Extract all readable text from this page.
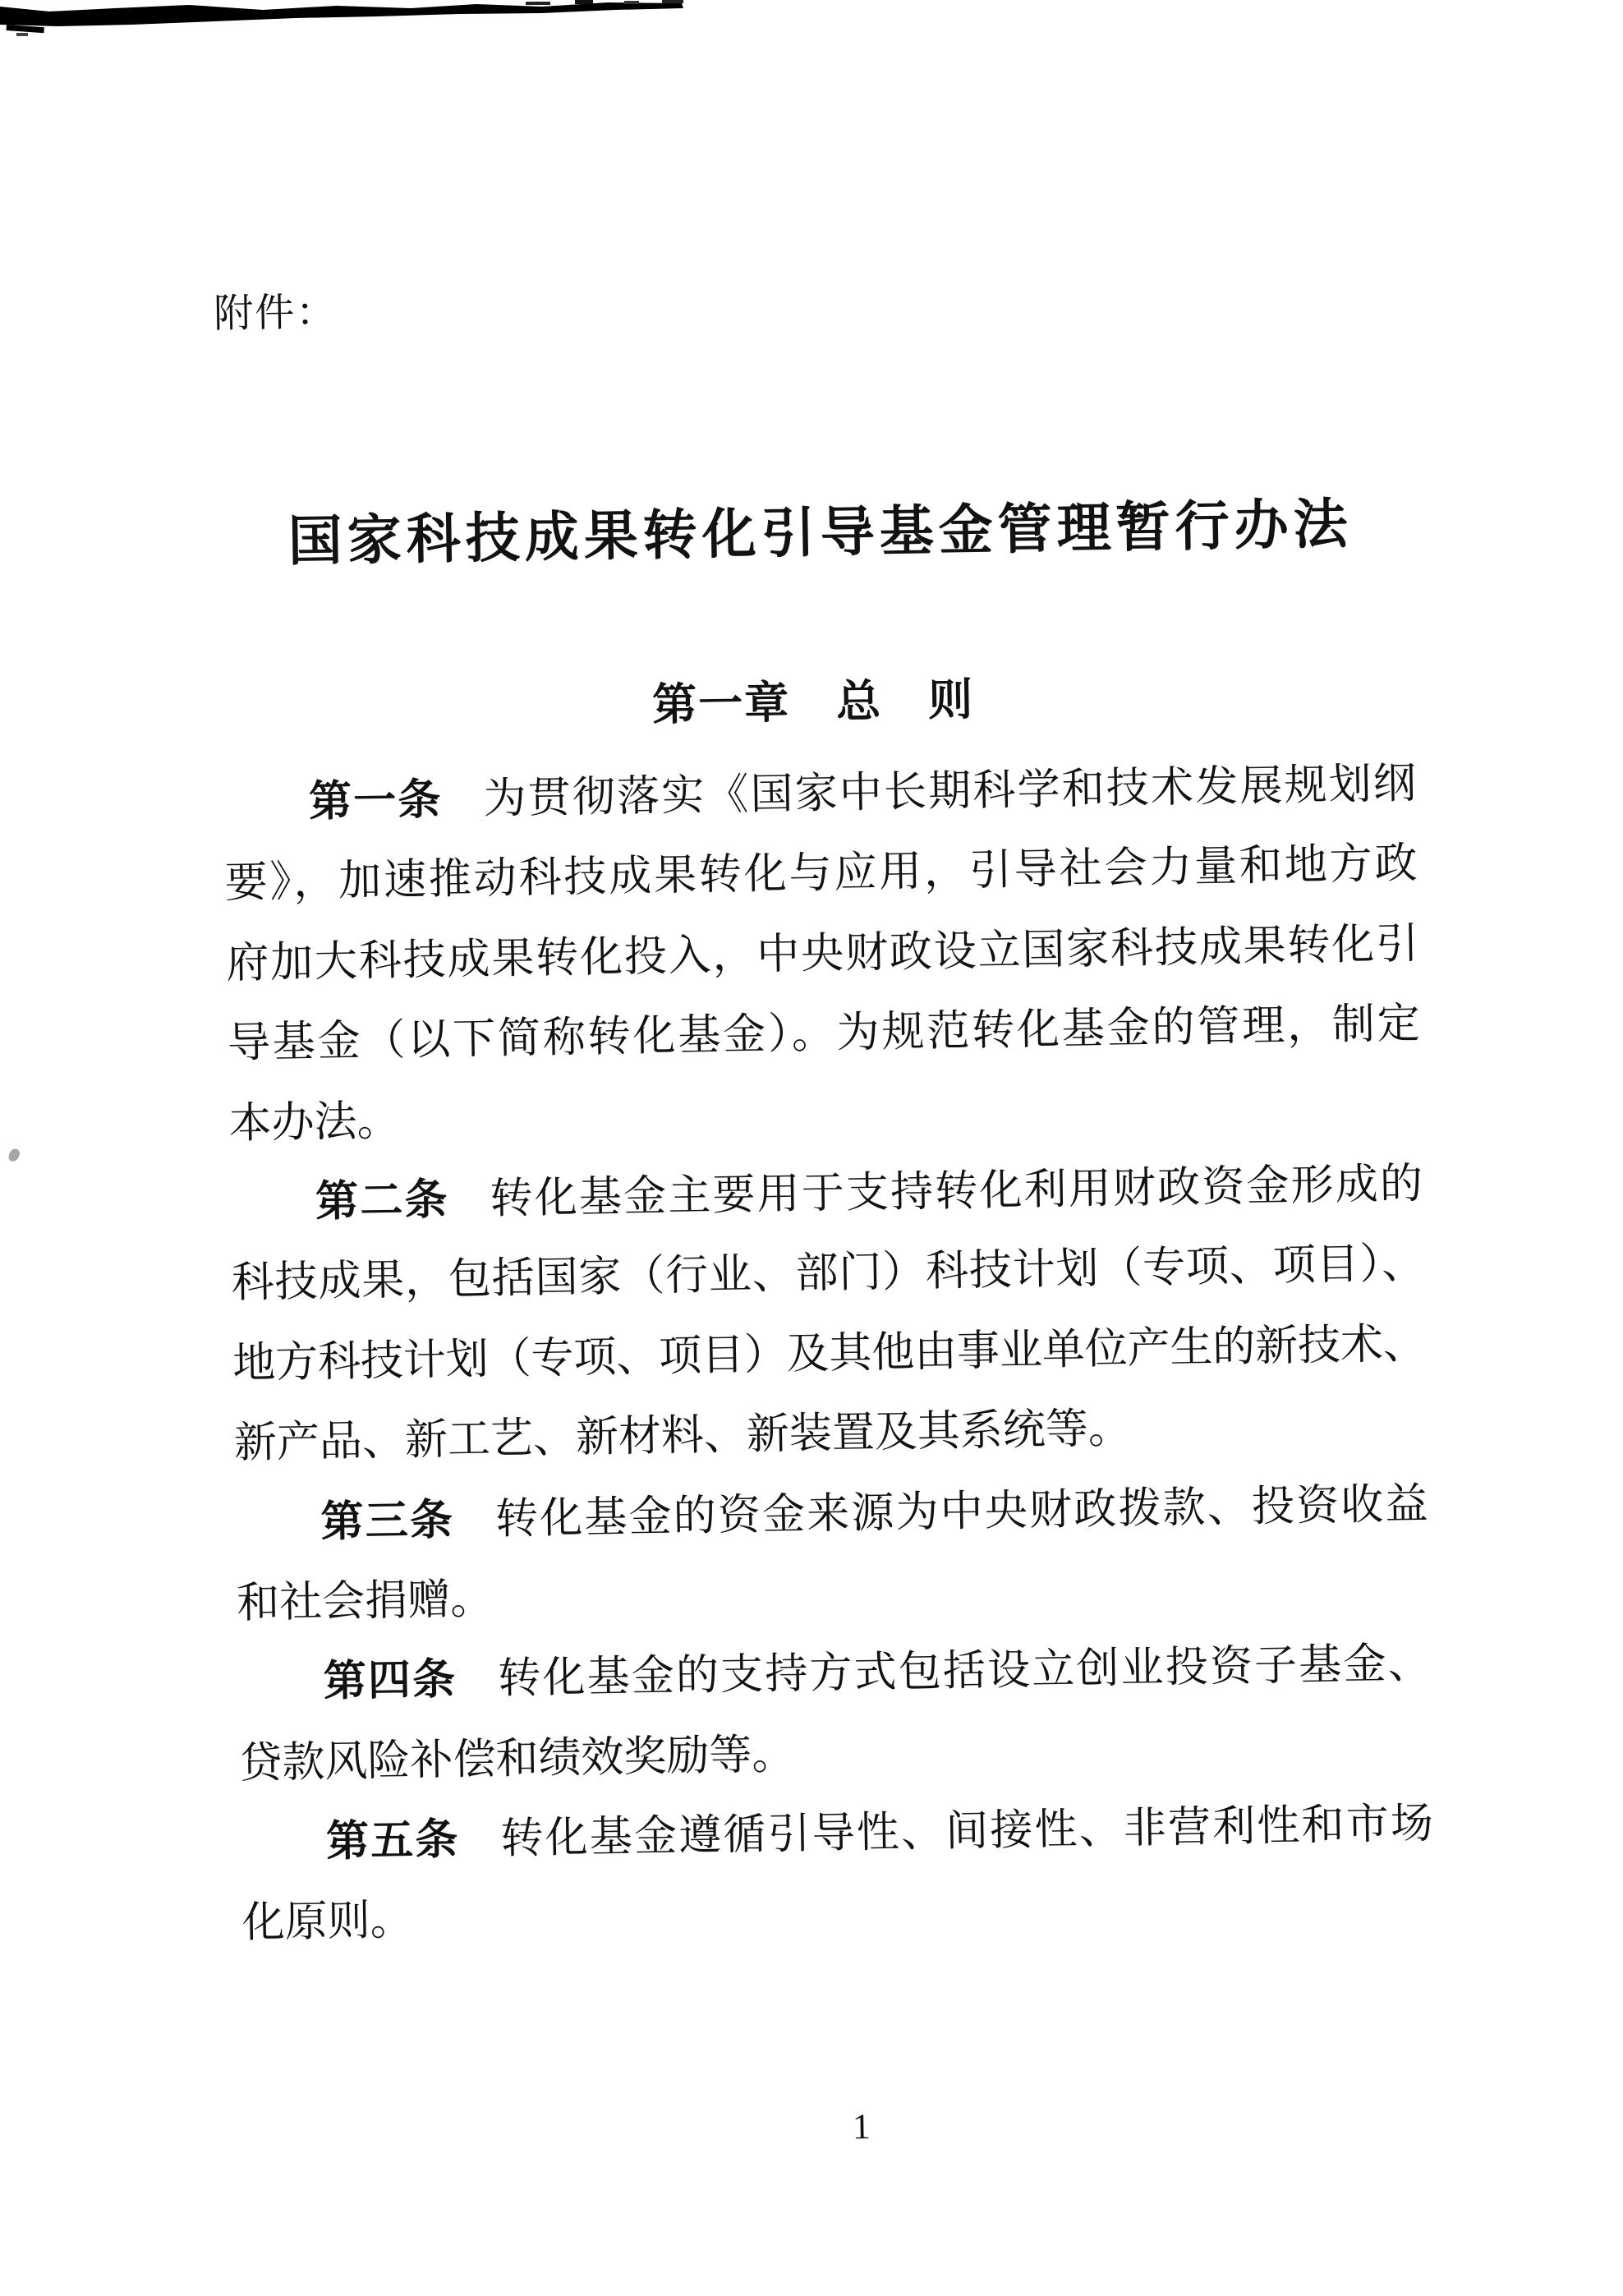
附件：
国家科技成果转化引导基金管理暂行办法
第一章　总　则
第一条 为贯彻落实《国家中长期科学和技术发展规划纲
要》，加速推动科技成果转化与应用，引导社会力量和地方政
府加大科技成果转化投入，中央财政设立国家科技成果转化引
导基金（以下简称转化基金）。为规范转化基金的管理，制定
本办法。
第二条 转化基金主要用于支持转化利用财政资金形成的
科技成果，包括国家（行业、部门）科技计划（专项、项目）、
地方科技计划（专项、项目）及其他由事业单位产生的新技术、
新产品、新工艺、新材料、新装置及其系统等。
第三条 转化基金的资金来源为中央财政拨款、投资收益
和社会捐赠。
第四条 转化基金的支持方式包括设立创业投资子基金、
贷款风险补偿和绩效奖励等。
第五条 转化基金遵循引导性、间接性、非营利性和市场
化原则。
1
